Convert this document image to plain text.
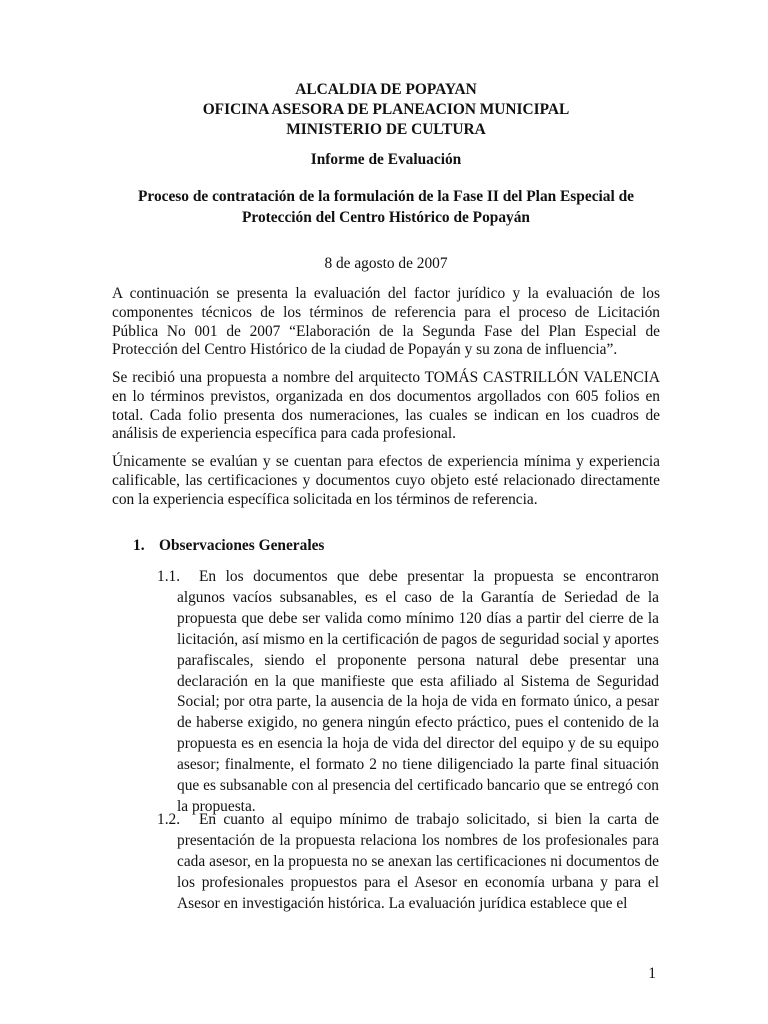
ALCALDIA DE POPAYAN
OFICINA ASESORA DE PLANEACION MUNICIPAL
MINISTERIO DE CULTURA
Informe de Evaluación
Proceso de contratación de la formulación de la Fase II del Plan Especial de Protección del Centro Histórico de Popayán
8 de agosto de 2007

A continuación se presenta la evaluación del factor jurídico y la evaluación de los componentes técnicos de los términos de referencia para el proceso de Licitación Pública No 001 de 2007 “Elaboración de la Segunda Fase del Plan Especial de Protección del Centro Histórico de la ciudad de Popayán y su zona de influencia”.

Se recibió una propuesta a nombre del arquitecto TOMÁS CASTRILLÓN VALENCIA en lo términos previstos, organizada en dos documentos argollados con 605 folios en total. Cada folio presenta dos numeraciones, las cuales se indican en los cuadros de análisis de experiencia específica para cada profesional.

Únicamente se evalúan y se cuentan para efectos de experiencia mínima y experiencia calificable, las certificaciones y documentos cuyo objeto esté relacionado directamente con la experiencia específica solicitada en los términos de referencia.

1. Observaciones Generales
1.1. En los documentos que debe presentar la propuesta se encontraron algunos vacíos subsanables, es el caso de la Garantía de Seriedad de la propuesta que debe ser valida como mínimo 120 días a partir del cierre de la licitación, así mismo en la certificación de pagos de seguridad social y aportes parafiscales, siendo el proponente persona natural debe presentar una declaración en la que manifieste que esta afiliado al Sistema de Seguridad Social; por otra parte, la ausencia de la hoja de vida en formato único, a pesar de haberse exigido, no genera ningún efecto práctico, pues el contenido de la propuesta es en esencia la hoja de vida del director del equipo y de su equipo asesor; finalmente, el formato 2 no tiene diligenciado la parte final situación que es subsanable con al presencia del certificado bancario que se entregó con la propuesta.
1.2. En cuanto al equipo mínimo de trabajo solicitado, si bien la carta de presentación de la propuesta relaciona los nombres de los profesionales para cada asesor, en la propuesta no se anexan las certificaciones ni documentos de los profesionales propuestos para el Asesor en economía urbana y para el Asesor en investigación histórica. La evaluación jurídica establece que el
1
